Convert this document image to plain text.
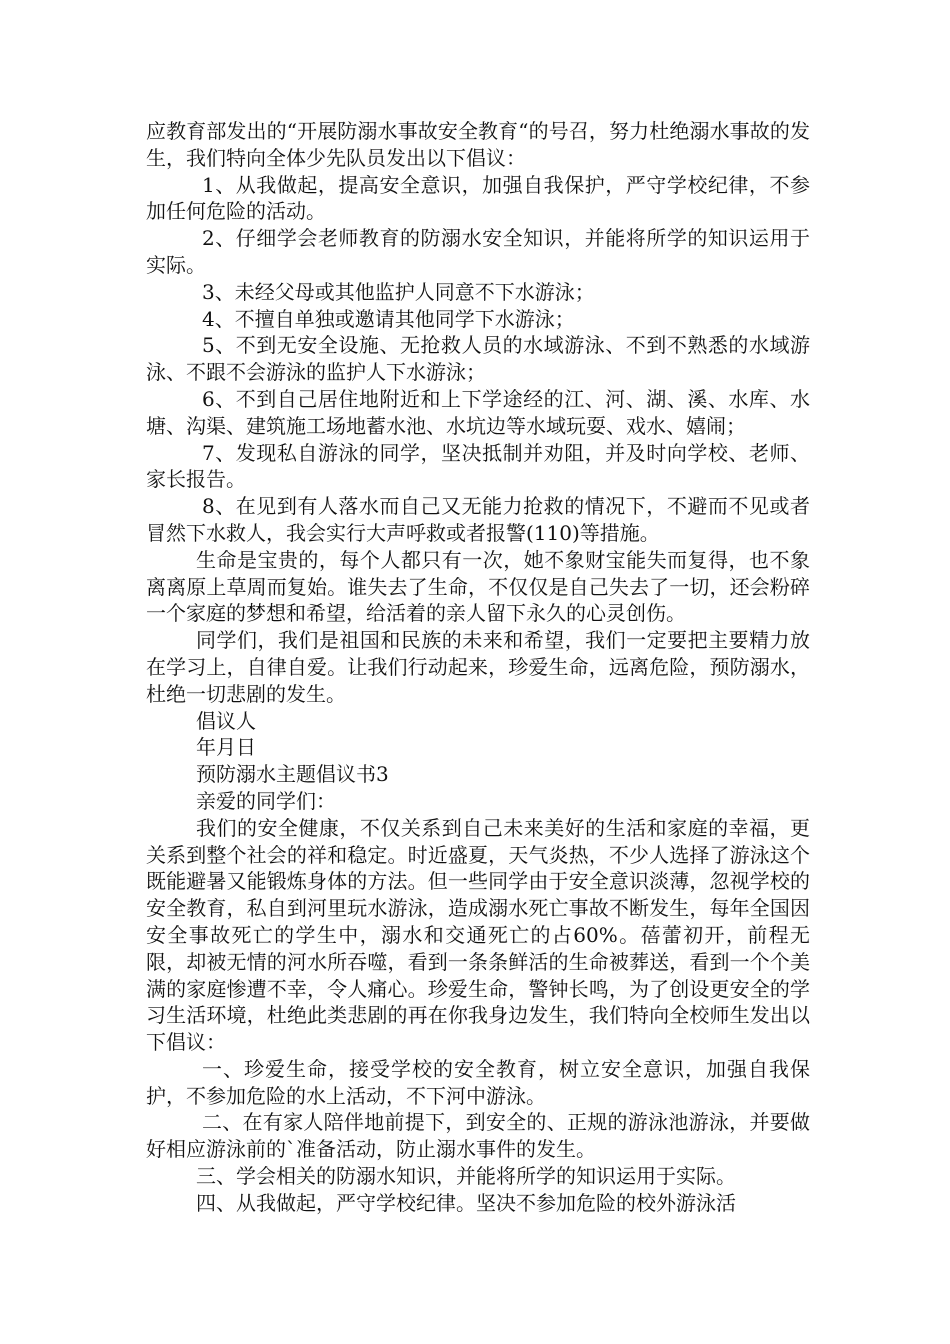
应教育部发出的“开展防溺水事故安全教育“的号召，努力杜绝溺水事故的发生，我们特向全体少先队员发出以下倡议：

1、从我做起，提高安全意识，加强自我保护，严守学校纪律，不参加任何危险的活动。

2、仔细学会老师教育的防溺水安全知识，并能将所学的知识运用于实际。

3、未经父母或其他监护人同意不下水游泳；

4、不擅自单独或邀请其他同学下水游泳；

5、不到无安全设施、无抢救人员的水域游泳、不到不熟悉的水域游泳、不跟不会游泳的监护人下水游泳；

6、不到自己居住地附近和上下学途经的江、河、湖、溪、水库、水塘、沟渠、建筑施工场地蓄水池、水坑边等水域玩耍、戏水、嬉闹；

7、发现私自游泳的同学，坚决抵制并劝阻，并及时向学校、老师、家长报告。

8、在见到有人落水而自己又无能力抢救的情况下，不避而不见或者冒然下水救人，我会实行大声呼救或者报警(110)等措施。

生命是宝贵的，每个人都只有一次，她不象财宝能失而复得，也不象离离原上草周而复始。谁失去了生命，不仅仅是自己失去了一切，还会粉碎一个家庭的梦想和希望，给活着的亲人留下永久的心灵创伤。

同学们，我们是祖国和民族的未来和希望，我们一定要把主要精力放在学习上，自律自爱。让我们行动起来，珍爱生命，远离危险，预防溺水，杜绝一切悲剧的发生。

倡议人

年月日

预防溺水主题倡议书3

亲爱的同学们：

我们的安全健康，不仅关系到自己未来美好的生活和家庭的幸福，更关系到整个社会的祥和稳定。时近盛夏，天气炎热，不少人选择了游泳这个既能避暑又能锻炼身体的方法。但一些同学由于安全意识淡薄，忽视学校的安全教育，私自到河里玩水游泳，造成溺水死亡事故不断发生，每年全国因安全事故死亡的学生中，溺水和交通死亡的占60%。蓓蕾初开，前程无限，却被无情的河水所吞噬，看到一条条鲜活的生命被葬送，看到一个个美满的家庭惨遭不幸，令人痛心。珍爱生命，警钟长鸣，为了创设更安全的学习生活环境，杜绝此类悲剧的再在你我身边发生，我们特向全校师生发出以下倡议：

一、珍爱生命，接受学校的安全教育，树立安全意识，加强自我保护，不参加危险的水上活动，不下河中游泳。

二、在有家人陪伴地前提下，到安全的、正规的游泳池游泳，并要做好相应游泳前的`准备活动，防止溺水事件的发生。

三、学会相关的防溺水知识，并能将所学的知识运用于实际。

四、从我做起，严守学校纪律。坚决不参加危险的校外游泳活
